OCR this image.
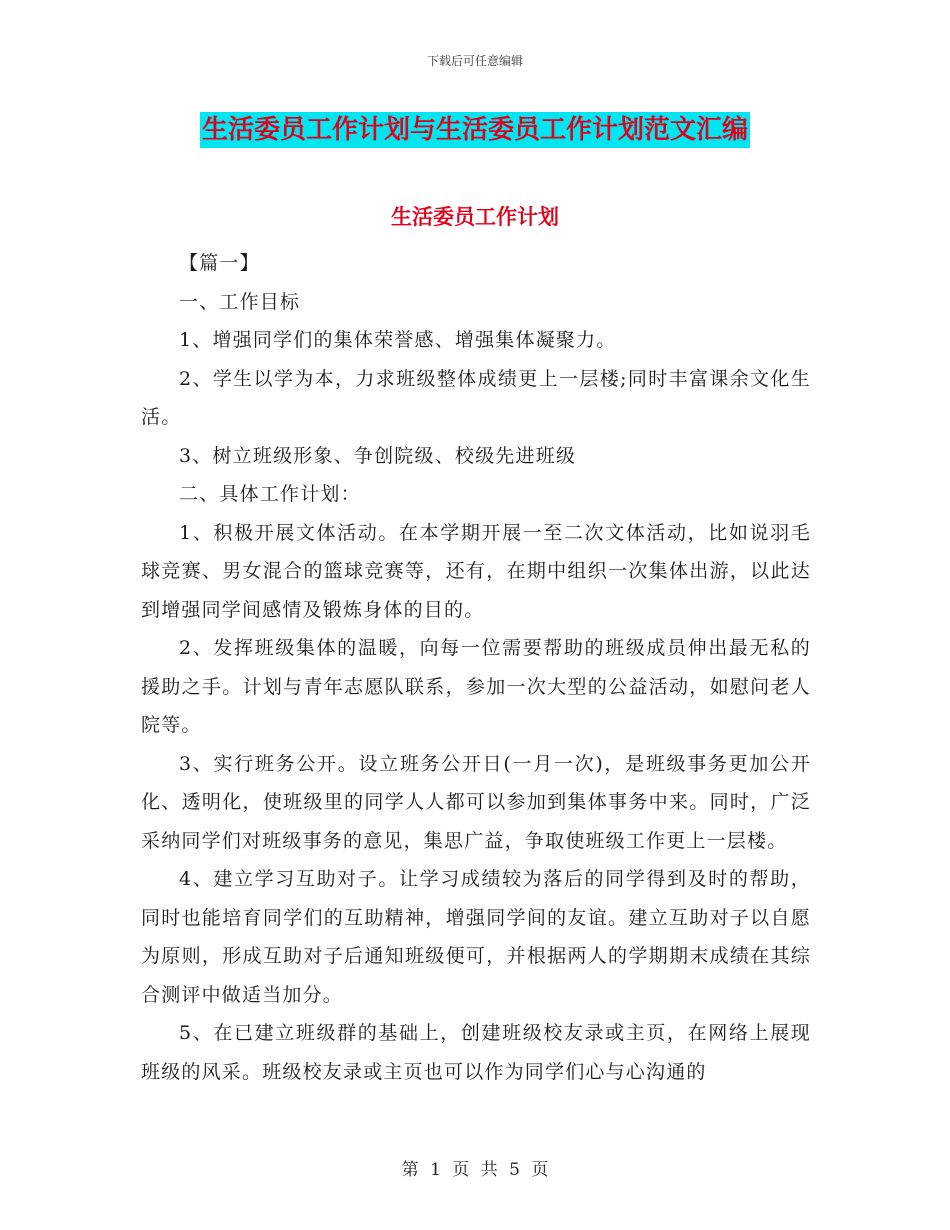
下载后可任意编辑
生活委员工作计划与生活委员工作计划范文汇编
生活委员工作计划

【篇一】

一、工作目标

1、增强同学们的集体荣誉感、增强集体凝聚力。

2、学生以学为本，力求班级整体成绩更上一层楼;同时丰富课余文化生活。

3、树立班级形象、争创院级、校级先进班级

二、具体工作计划：

1、积极开展文体活动。在本学期开展一至二次文体活动，比如说羽毛球竞赛、男女混合的篮球竞赛等，还有，在期中组织一次集体出游，以此达到增强同学间感情及锻炼身体的目的。

2、发挥班级集体的温暖，向每一位需要帮助的班级成员伸出最无私的援助之手。计划与青年志愿队联系，参加一次大型的公益活动，如慰问老人院等。

3、实行班务公开。设立班务公开日(一月一次)，是班级事务更加公开化、透明化，使班级里的同学人人都可以参加到集体事务中来。同时，广泛采纳同学们对班级事务的意见，集思广益，争取使班级工作更上一层楼。

4、建立学习互助对子。让学习成绩较为落后的同学得到及时的帮助，同时也能培育同学们的互助精神，增强同学间的友谊。建立互助对子以自愿为原则，形成互助对子后通知班级便可，并根据两人的学期期末成绩在其综合测评中做适当加分。

5、在已建立班级群的基础上，创建班级校友录或主页，在网络上展现班级的风采。班级校友录或主页也可以作为同学们心与心沟通的

第 1 页 共 5 页
